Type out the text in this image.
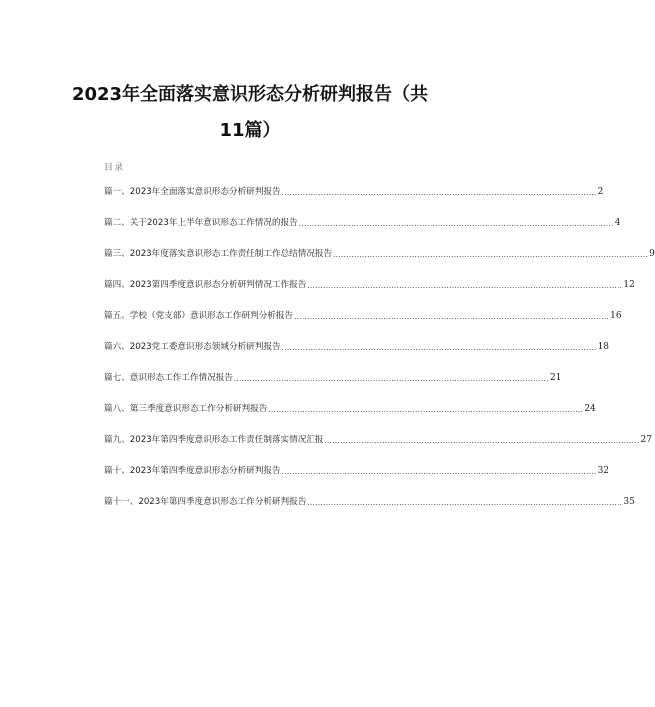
2023年全面落实意识形态分析研判报告（共
11篇）
目录
篇一、2023年全面落实意识形态分析研判报告 ........................................................................................................................ 2
篇二、关于2023年上半年意识形态工作情况的报告 ........................................................................................................................ 4
篇三、2023年度落实意识形态工作责任制工作总结情况报告 ........................................................................................................................ 9
篇四、2023第四季度意识形态分析研判情况工作报告 ........................................................................................................................ 12
篇五、学校（党支部）意识形态工作研判分析报告 ........................................................................................................................ 16
篇六、2023党工委意识形态领域分析研判报告 ........................................................................................................................ 18
篇七、意识形态工作工作情况报告 ........................................................................................................................ 21
篇八、第三季度意识形态工作分析研判报告 ........................................................................................................................ 24
篇九、2023年第四季度意识形态工作责任制落实情况汇报 ........................................................................................................................ 27
篇十、2023年第四季度意识形态分析研判报告 ........................................................................................................................ 32
篇十一、2023年第四季度意识形态工作分析研判报告 ........................................................................................................................ 35
